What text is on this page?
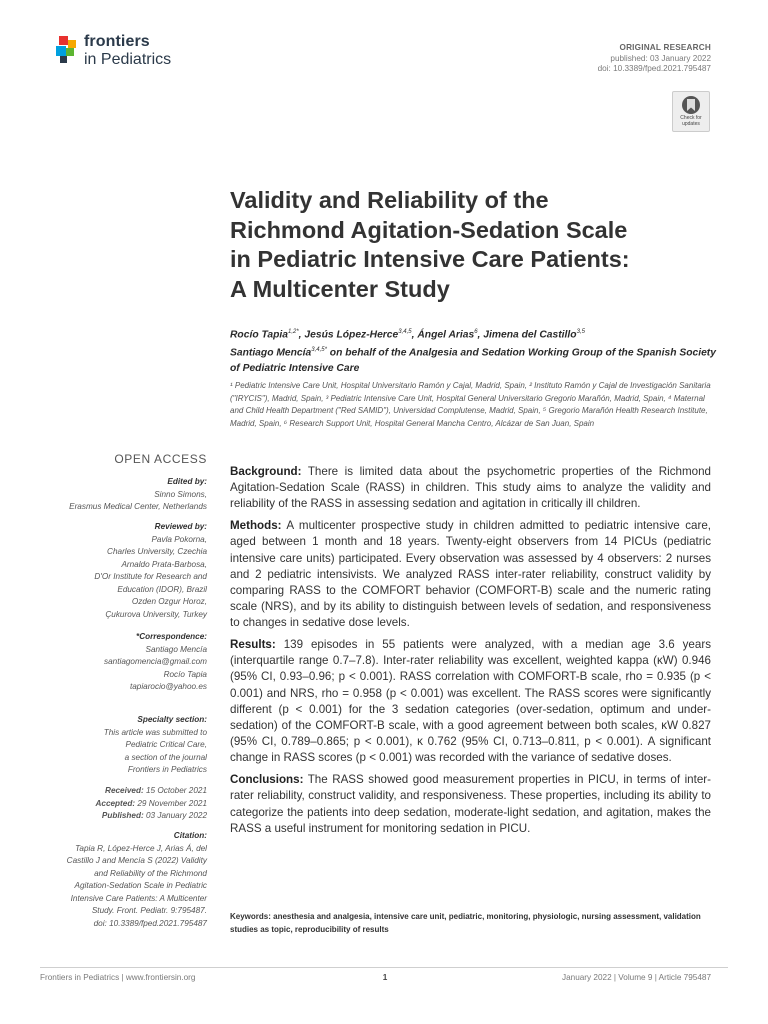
frontiers
in Pediatrics
ORIGINAL RESEARCH
published: 03 January 2022
doi: 10.3389/fped.2021.795487
Check for updates
Validity and Reliability of the
Richmond Agitation-Sedation Scale
in Pediatric Intensive Care Patients:
A Multicenter Study
Rocío Tapia$^{1,2*}$, Jesús López-Herce$^{3,4,5}$, Ángel Arias$^6$, Jimena del Castillo$^{3,5}$
Santiago Mencía$^{3,4,5*}$ on behalf of the Analgesia and Sedation Working Group of the Spanish Society of Pediatric Intensive Care
¹ Pediatric Intensive Care Unit, Hospital Universitario Ramón y Cajal, Madrid, Spain, ² Instituto Ramón y Cajal de Investigación Sanitaria ("IRYCIS"), Madrid, Spain, ³ Pediatric Intensive Care Unit, Hospital General Universitario Gregorio Marañón, Madrid, Spain, ⁴ Maternal and Child Health Department ("Red SAMID"), Universidad Complutense, Madrid, Spain, ⁵ Gregorio Marañón Health Research Institute, Madrid, Spain, ⁶ Research Support Unit, Hospital General Mancha Centro, Alcázar de San Juan, Spain
OPEN ACCESS
Edited by:
Sinno Simons,
Erasmus Medical Center, Netherlands
Reviewed by:
Pavla Pokorna,
Charles University, Czechia
Arnaldo Prata-Barbosa,
D'Or Institute for Research and
Education (IDOR), Brazil
Ozden Ozgur Horoz,
Çukurova University, Turkey
*Correspondence:
Santiago Mencía
santiagomencia@gmail.com
Rocío Tapia
tapiarocio@yahoo.es
Specialty section:
This article was submitted to
Pediatric Critical Care,
a section of the journal
Frontiers in Pediatrics
Received: 15 October 2021
Accepted: 29 November 2021
Published: 03 January 2022
Citation:
Tapia R, López-Herce J, Arias Á, del
Castillo J and Mencía S (2022) Validity
and Reliability of the Richmond
Agitation-Sedation Scale in Pediatric
Intensive Care Patients: A Multicenter
Study. Front. Pediatr. 9:795487.
doi: 10.3389/fped.2021.795487

Background: There is limited data about the psychometric properties of the Richmond Agitation-Sedation Scale (RASS) in children. This study aims to analyze the validity and reliability of the RASS in assessing sedation and agitation in critically ill children.

Methods: A multicenter prospective study in children admitted to pediatric intensive care, aged between 1 month and 18 years. Twenty-eight observers from 14 PICUs (pediatric intensive care units) participated. Every observation was assessed by 4 observers: 2 nurses and 2 pediatric intensivists. We analyzed RASS inter-rater reliability, construct validity by comparing RASS to the COMFORT behavior (COMFORT-B) scale and the numeric rating scale (NRS), and by its ability to distinguish between levels of sedation, and responsiveness to changes in sedative dose levels.

Results: 139 episodes in 55 patients were analyzed, with a median age 3.6 years (interquartile range 0.7–7.8). Inter-rater reliability was excellent, weighted kappa (κW) 0.946 (95% CI, 0.93–0.96; p < 0.001). RASS correlation with COMFORT-B scale, rho = 0.935 (p < 0.001) and NRS, rho = 0.958 (p < 0.001) was excellent. The RASS scores were significantly different (p < 0.001) for the 3 sedation categories (over-sedation, optimum and under-sedation) of the COMFORT-B scale, with a good agreement between both scales, κW 0.827 (95% CI, 0.789–0.865; p < 0.001), κ 0.762 (95% CI, 0.713–0.811, p < 0.001). A significant change in RASS scores (p < 0.001) was recorded with the variance of sedative doses.

Conclusions: The RASS showed good measurement properties in PICU, in terms of inter-rater reliability, construct validity, and responsiveness. These properties, including its ability to categorize the patients into deep sedation, moderate-light sedation, and agitation, makes the RASS a useful instrument for monitoring sedation in PICU.

Keywords: anesthesia and analgesia, intensive care unit, pediatric, monitoring, physiologic, nursing assessment, validation studies as topic, reproducibility of results
Frontiers in Pediatrics | www.frontiersin.org	1	January 2022 | Volume 9 | Article 795487
